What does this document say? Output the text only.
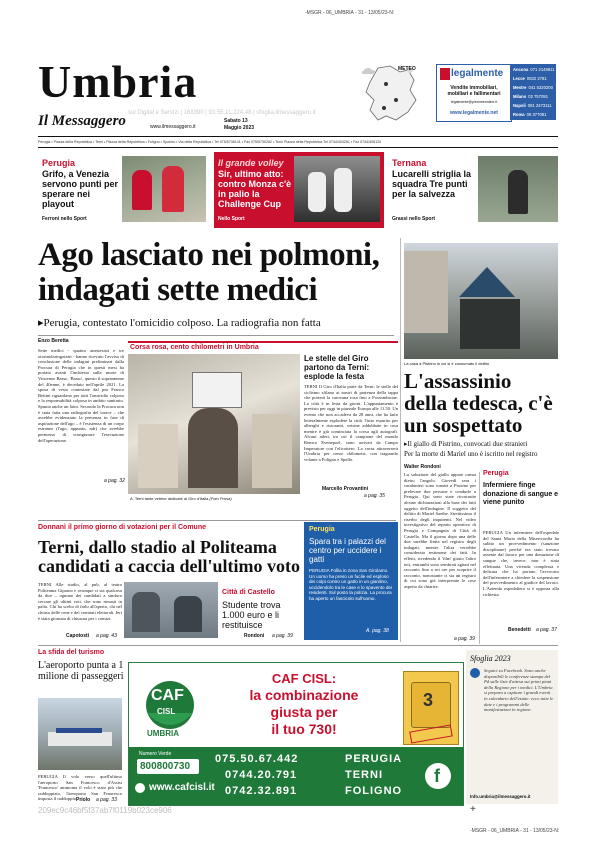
-MSGR - 06_UMBRIA - 31 - 13/05/23-N:
Umbria
Il Messaggero	www.ilmessaggero.it
Sabato 13
Maggio 2023
sul Digital e Servizi | 168390 | 93.55.11.224.48 | sfoglia.ilmessaggero.it
METEO	legalmente
Vendite immobiliari,
mobiliari e fallimentari
legalmente@piemmeonline.it
www.legalmente.net
Ancona 071 2149811
Lecce 0832 2781
Mestre 041 5320200
Milano 02 757091
Napoli 081 2473111
Roma 06 377081
Perugia • Piazza della Repubblica • Terni • Piazza della Repubblica • Foligno • Spoleto • Via della Repubblica • Tel 075/5736141 • Fax 075/5730282 • Terni Piazza della Repubblica Tel 0744/404261 • Fax 0744/406120
Perugia
Grifo, a Venezia servono punti per sperare nei playout
Ferroni nello Sport
Il grande volley
Sir, ultimo atto: contro Monza c'è in palio la Challenge Cup
Nello Sport
Ternana
Lucarelli striglia la squadra Tre punti per la salvezza
Grassi nello Sport
Ago lasciato nei polmoni, indagati sette medici
▸Perugia, contestato l'omicidio colposo. La radiografia non fatta
Enzo Beretta
Sette medici - quattro anestesisti e tre otorinolaringoiatri - hanno ricevuto l'avviso di conclusione delle indagini preliminari dalla Procura di Perugia che in questi mesi ha portato avanti l'inchiesta sulla morte di Vincenzo Basso. 'Basso', questo il soprannome del 40enne, è deceduto nell'aprile 2021. La sposa di vesto contestate dal pm Franco Bettini riguardano per tutti l'omicidio colposo e la responsabilità colposa in ambito sanitario. Spunta anche un fatto. Secondo la Procura non è stata fatta una radiografia del torace – che avrebbe evidenziato la presenza in fase di aspirazione dell'ago – è l'esistenza di un corpo estraneo (l'ago, appunto, ndr) che avrebbe permesso di scongiurare l'esecuzione dell'operazione.
a pag. 32
Corsa rosa, cento chilometri in Umbria
A. Terni tante vetrine dedicate al Giro d'Italia (Foto Prosa)
Le stelle del Giro partono da Terni: esplode la festa
TERNI Il Giro d'Italia parte da Terni: le stelle del ciclismo sfilano ai nastri di partenza della tappa che porterà la carovana rosa fino a Fossombrone. La città è in festa da giorni. L'appuntamento è previsto per oggi in piazzale Europa alle 11.50. Un evento che non accadeva da 28 anni, che ha fatto letteralmente esplodere la città. Tutto esaurito per alberghi e ristoranti, vetrine addobbate in rosa mentre è già cominciata la corsa agli autografi. Alcuni atleti, tra cui il campione del mondo Remco Evenepoel, sono arrivati da Campo Imperatore con l'elicottero. La corsa attraverserà l'Umbria per cento chilometri, con traguardo volante a Foligno e Spello.
Marcello Provantini
a pag. 35
La casa a Pistrino in cui si è consumato il delitto
L'assassinio della tedesca, c'è un sospettato
▸Il giallo di Pistrino, convocati due stranieri
Per la morte di Mariel uno è iscritto nel registro
Walter Rondoni
La soluzione del giallo appare ormai dietro l'angolo. Giovedì sera i carabinieri sono tornati a Pistrino per prelevare due persone e condurle a Perugia. Qui sono state ricostruite alcune dichiarazioni alla base dei fatti oggetto dell'indagine. Il soggetto del delitto di Mariel Saethe. Strettissimo il riserbo degli inquirenti. Nel video investigativo del reparto operativo di Perugia e Compagnia di Città di Castello. Ma il giorno dopo una delle due sarebbe finita nel registro degli indagati, mentre l'altra verrebbe considerata testimone dei fatti. In effetti, rivedendo il 'film' girato l'altro ieri, entrambi sono sembrati agitati nel racconto fino a sei ore per scoprire il racconto, nonostante ci sia un registro di cui sono già interpretate le cose aspetto da chiarire.
a pag. 39
Perugia
Infermiere finge donazione di sangue e viene punito
PERUGIA Un infermiere dell'ospedale del Santa Maria della Misericordia ha subito un provvedimento (sanzione disciplinare) perché era stato trovato assente dal lavoro per una donazione di sangue che, invece, non è stata effettuata. Una vicenda complessa e delicata che ha portato l'avvocato dell'infermiere a chiedere la sospensione del provvedimento al giudice del lavoro. L'Azienda ospedaliera si è opposta alla richiesta.
Benedetti a pag. 37
Donnanì il primo giorno di votazioni per il Comune
Terni, dallo stadio al Politeama candidati a caccia dell'ultimo voto
TERNI Alle studio, al pub, al teatro Politeama Giprano e ovunque ci sia qualcosa da dire – ognuno dei candidati a sindaco cercare gli ultimi voti, che sono rimasti in palio. Chi ha scelto di farlo all'aperto, chi nel chiuso delle cene e dei comitati elettorali. Ieri è stata giornata di chiusura per i comizi.
Capotosti a pag. 43
Città di Castello
Studente trova 1.000 euro e li restituisce
Rondoni a pag. 39
Perugia
Spara tra i palazzi del centro per uccidere i gatti
PERUGIA Follia in zona San Girolamo. Un uomo ha preso un fucile ed esploso dei colpi contro un gatto in un giardino, uccidendolo tra le case e lo spavento dei residenti. Sul posto la polizia. La procura ha aperto un fascicolo sull'uomo.
A. pag. 38
La sfida del turismo
L'aeroporto punta a 1 milione di passeggeri
PERUGIA Il volo verso quell'ultimo l'aeroporto San Francesco d'Assisi 'Francesco' ammonta il volo è stato più che raddoppiato, l'aeroporto San Francesco imposta il raddoppio.
Priolo a pag. 33
CAF
CISL
UMBRIA
CAF CISL:
la combinazione
giusta per
il tuo 730!
3
Numero Verde
800800730
www.cafcisl.it
075.50.67.442	PERUGIA
0744.20.791	TERNI
0742.32.891	FOLIGNO
f
Sfoglia 2023
Seguici su Facebook. Sono anche disponibili le conferenze stampa del Pd sulle liste d'attesa sui primi piani della Regione per i medici. L'Umbria si prepara a ospitare i grandi eventi in calendario dell'estate: ecco tutte le date e i programmi delle manifestazioni in regione.
Info.umbria@ilmessaggero.it
209ec9c46bf5f37ab7f0119b023ce906	+
-MSGR - 06_UMBRIA - 31 - 13/05/23-N:
